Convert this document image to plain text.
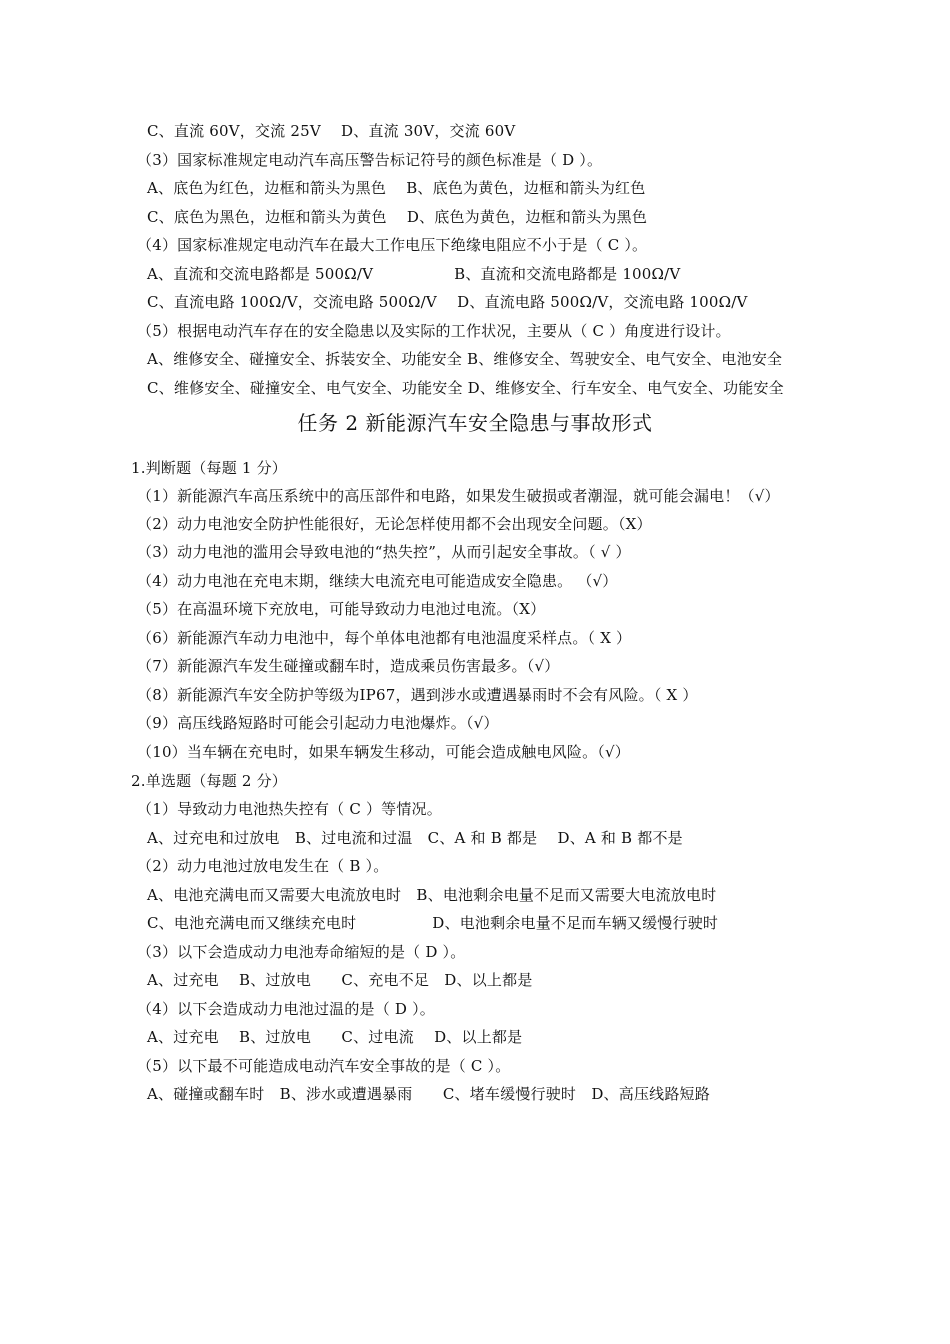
C、直流 60V，交流 25V　 D、直流 30V，交流 60V
（3）国家标准规定电动汽车高压警告标记符号的颜色标准是（ D ）。
A、底色为红色，边框和箭头为黑色　 B、底色为黄色，边框和箭头为红色
C、底色为黑色，边框和箭头为黄色　 D、底色为黄色，边框和箭头为黑色
（4）国家标准规定电动汽车在最大工作电压下绝缘电阻应不小于是（ C ）。
A、直流和交流电路都是 500Ω/V　　　　　 B、直流和交流电路都是 100Ω/V
C、直流电路 100Ω/V，交流电路 500Ω/V　 D、直流电路 500Ω/V，交流电路 100Ω/V
（5）根据电动汽车存在的安全隐患以及实际的工作状况，主要从（ C ）角度进行设计。
A、维修安全、碰撞安全、拆装安全、功能安全 B、维修安全、驾驶安全、电气安全、电池安全
C、维修安全、碰撞安全、电气安全、功能安全 D、维修安全、行车安全、电气安全、功能安全
任务 2 新能源汽车安全隐患与事故形式
1.判断题（每题 1 分）
（1）新能源汽车高压系统中的高压部件和电路，如果发生破损或者潮湿，就可能会漏电！（√）
（2）动力电池安全防护性能很好，无论怎样使用都不会出现安全问题。（X）
（3）动力电池的滥用会导致电池的“热失控”，从而引起安全事故。（ √ ）
（4）动力电池在充电末期，继续大电流充电可能造成安全隐患。 （√）
（5）在高温环境下充放电，可能导致动力电池过电流。（X）
（6）新能源汽车动力电池中，每个单体电池都有电池温度采样点。（ X ）
（7）新能源汽车发生碰撞或翻车时，造成乘员伤害最多。（√）
（8）新能源汽车安全防护等级为IP67，遇到涉水或遭遇暴雨时不会有风险。（ X ）
（9）高压线路短路时可能会引起动力电池爆炸。（√）
（10）当车辆在充电时，如果车辆发生移动，可能会造成触电风险。（√）
2.单选题（每题 2 分）
（1）导致动力电池热失控有（ C ）等情况。
A、过充电和过放电　B、过电流和过温　C、A 和 B 都是　 D、A 和 B 都不是
（2）动力电池过放电发生在（ B ）。
A、电池充满电而又需要大电流放电时　B、电池剩余电量不足而又需要大电流放电时
C、电池充满电而又继续充电时　　　　　D、电池剩余电量不足而车辆又缓慢行驶时
（3）以下会造成动力电池寿命缩短的是（ D ）。
A、过充电　 B、过放电　　C、充电不足　D、以上都是
（4）以下会造成动力电池过温的是（ D ）。
A、过充电　 B、过放电　　C、过电流　 D、以上都是
（5）以下最不可能造成电动汽车安全事故的是（ C ）。
A、碰撞或翻车时　B、涉水或遭遇暴雨　　C、堵车缓慢行驶时　D、高压线路短路
